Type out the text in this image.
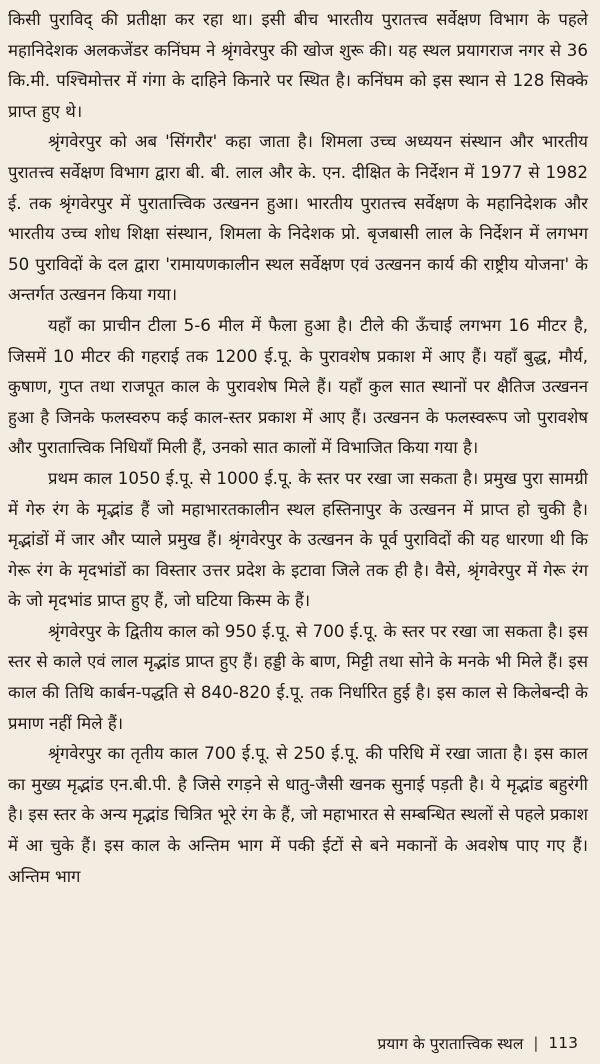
किसी पुराविद् की प्रतीक्षा कर रहा था। इसी बीच भारतीय पुरातत्त्व सर्वेक्षण विभाग के पहले महानिदेशक अलकजेंडर कनिंघम ने श्रृंगवेरपुर की खोज शुरू की। यह स्थल प्रयागराज नगर से 36 कि.मी. पश्चिमोत्तर में गंगा के दाहिने किनारे पर स्थित है। कनिंघम को इस स्थान से 128 सिक्के प्राप्त हुए थे।

श्रृंगवेरपुर को अब 'सिंगरौर' कहा जाता है। शिमला उच्च अध्ययन संस्थान और भारतीय पुरातत्त्व सर्वेक्षण विभाग द्वारा बी. बी. लाल और के. एन. दीक्षित के निर्देशन में 1977 से 1982 ई. तक श्रृंगवेरपुर में पुरातात्त्विक उत्खनन हुआ। भारतीय पुरातत्त्व सर्वेक्षण के महानिदेशक और भारतीय उच्च शोध शिक्षा संस्थान, शिमला के निदेशक प्रो. बृजबासी लाल के निर्देशन में लगभग 50 पुराविदों के दल द्वारा 'रामायणकालीन स्थल सर्वेक्षण एवं उत्खनन कार्य की राष्ट्रीय योजना' के अन्तर्गत उत्खनन किया गया।

यहाँ का प्राचीन टीला 5-6 मील में फैला हुआ है। टीले की ऊँचाई लगभग 16 मीटर है, जिसमें 10 मीटर की गहराई तक 1200 ई.पू. के पुरावशेष प्रकाश में आए हैं। यहाँ बुद्ध, मौर्य, कुषाण, गुप्त तथा राजपूत काल के पुरावशेष मिले हैं। यहाँ कुल सात स्थानों पर क्षैतिज उत्खनन हुआ है जिनके फलस्वरुप कई काल-स्तर प्रकाश में आए हैं। उत्खनन के फलस्वरूप जो पुरावशेष और पुरातात्त्विक निधियाँ मिली हैं, उनको सात कालों में विभाजित किया गया है।

प्रथम काल 1050 ई.पू. से 1000 ई.पू. के स्तर पर रखा जा सकता है। प्रमुख पुरा सामग्री में गेरु रंग के मृद्भांड हैं जो महाभारतकालीन स्थल हस्तिनापुर के उत्खनन में प्राप्त हो चुकी है। मृद्भांडों में जार और प्याले प्रमुख हैं। श्रृंगवेरपुर के उत्खनन के पूर्व पुराविदों की यह धारणा थी कि गेरू रंग के मृदभांडों का विस्तार उत्तर प्रदेश के इटावा जिले तक ही है। वैसे, श्रृंगवेरपुर में गेरू रंग के जो मृदभांड प्राप्त हुए हैं, जो घटिया किस्म के हैं।

श्रृंगवेरपुर के द्वितीय काल को 950 ई.पू. से 700 ई.पू. के स्तर पर रखा जा सकता है। इस स्तर से काले एवं लाल मृद्भांड प्राप्त हुए हैं। हड्डी के बाण, मिट्टी तथा सोने के मनके भी मिले हैं। इस काल की तिथि कार्बन-पद्धति से 840-820 ई.पू. तक निर्धारित हुई है। इस काल से किलेबन्दी के प्रमाण नहीं मिले हैं।

श्रृंगवेरपुर का तृतीय काल 700 ई.पू. से 250 ई.पू. की परिधि में रखा जाता है। इस काल का मुख्य मृद्भांड एन.बी.पी. है जिसे रगड़ने से धातु-जैसी खनक सुनाई पड़ती है। ये मृद्भांड बहुरंगी है। इस स्तर के अन्य मृद्भांड चित्रित भूरे रंग के हैं, जो महाभारत से सम्बन्धित स्थलों से पहले प्रकाश में आ चुके हैं। इस काल के अन्तिम भाग में पकी ईटों से बने मकानों के अवशेष पाए गए हैं। अन्तिम भाग

प्रयाग के पुरातात्त्विक स्थल | 113
